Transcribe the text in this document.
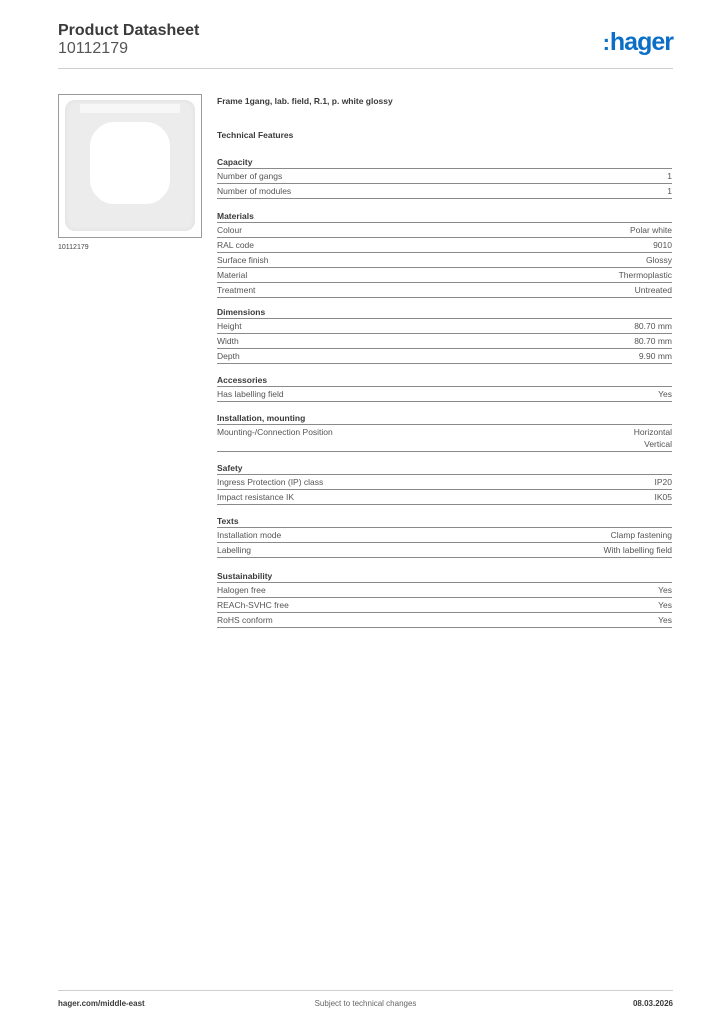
Product Datasheet
10112179	:hager
10112179
Frame 1gang, lab. field, R.1, p. white glossy
Technical Features
Capacity
Number of gangs	1
Number of modules	1
Materials
Colour	Polar white
RAL code	9010
Surface finish	Glossy
Material	Thermoplastic
Treatment	Untreated
Dimensions
Height	80.70 mm
Width	80.70 mm
Depth	9.90 mm
Accessories
Has labelling field	Yes
Installation, mounting
Mounting-/Connection Position	Horizontal
Vertical
Safety
Ingress Protection (IP) class	IP20
Impact resistance IK	IK05
Texts
Installation mode	Clamp fastening
Labelling	With labelling field
Sustainability
Halogen free	Yes
REACh-SVHC free	Yes
RoHS conform	Yes
hager.com/middle-east	Subject to technical changes	08.03.2026
